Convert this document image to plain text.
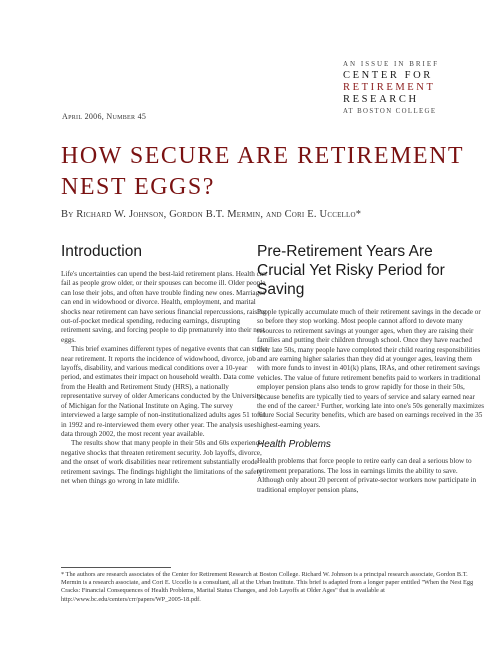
AN ISSUE IN BRIEF
CENTER FOR
RETIREMENT
RESEARCH
AT BOSTON COLLEGE
April 2006, Number 45
HOW SECURE ARE RETIREMENT NEST EGGS?
By Richard W. Johnson, Gordon B.T. Mermin, and Cori E. Uccello*
Introduction

Life's uncertainties can upend the best-laid retirement plans. Health can fail as people grow older, or their spouses can become ill. Older people can lose their jobs, and often have trouble finding new ones. Marriages can end in widowhood or divorce. Health, employment, and marital shocks near retirement can have serious financial repercussions, raising out-of-pocket medical spending, reducing earnings, disrupting retirement saving, and forcing people to dip prematurely into their nest eggs.

This brief examines different types of negative events that can strike near retirement. It reports the incidence of widowhood, divorce, job layoffs, disability, and various medical conditions over a 10-year period, and estimates their impact on household wealth. Data come from the Health and Retirement Study (HRS), a nationally representative survey of older Americans conducted by the University of Michigan for the National Institute on Aging. The survey interviewed a large sample of non-institutionalized adults ages 51 to 61 in 1992 and re-interviewed them every other year. The analysis uses data through 2002, the most recent year available.

The results show that many people in their 50s and 60s experience negative shocks that threaten retirement security. Job layoffs, divorce, and the onset of work disabilities near retirement substantially erode retirement savings. The findings highlight the limitations of the safety net when things go wrong in late midlife.

Pre-Retirement Years Are Crucial Yet Risky Period for Saving

People typically accumulate much of their retirement savings in the decade or so before they stop working. Most people cannot afford to devote many resources to retirement savings at younger ages, when they are raising their families and putting their children through school. Once they have reached their late 50s, many people have completed their child rearing responsibilities and are earning higher salaries than they did at younger ages, leaving them with more funds to invest in 401(k) plans, IRAs, and other retirement savings vehicles. The value of future retirement benefits paid to workers in traditional employer pension plans also tends to grow rapidly for those in their 50s, because benefits are typically tied to years of service and salary earned near the end of the career.¹ Further, working late into one's 50s generally maximizes future Social Security benefits, which are based on earnings received in the 35 highest-earning years.

Health Problems

Health problems that force people to retire early can deal a serious blow to retirement preparations. The loss in earnings limits the ability to save. Although only about 20 percent of private-sector workers now participate in traditional employer pension plans,

* The authors are research associates of the Center for Retirement Research at Boston College. Richard W. Johnson is a principal research associate, Gordon B.T. Mermin is a research associate, and Cori E. Uccello is a consultant, all at the Urban Institute. This brief is adapted from a longer paper entitled "When the Nest Egg Cracks: Financial Consequences of Health Problems, Marital Status Changes, and Job Layoffs at Older Ages" that is available at http://www.bc.edu/centers/crr/papers/WP_2005-18.pdf.
